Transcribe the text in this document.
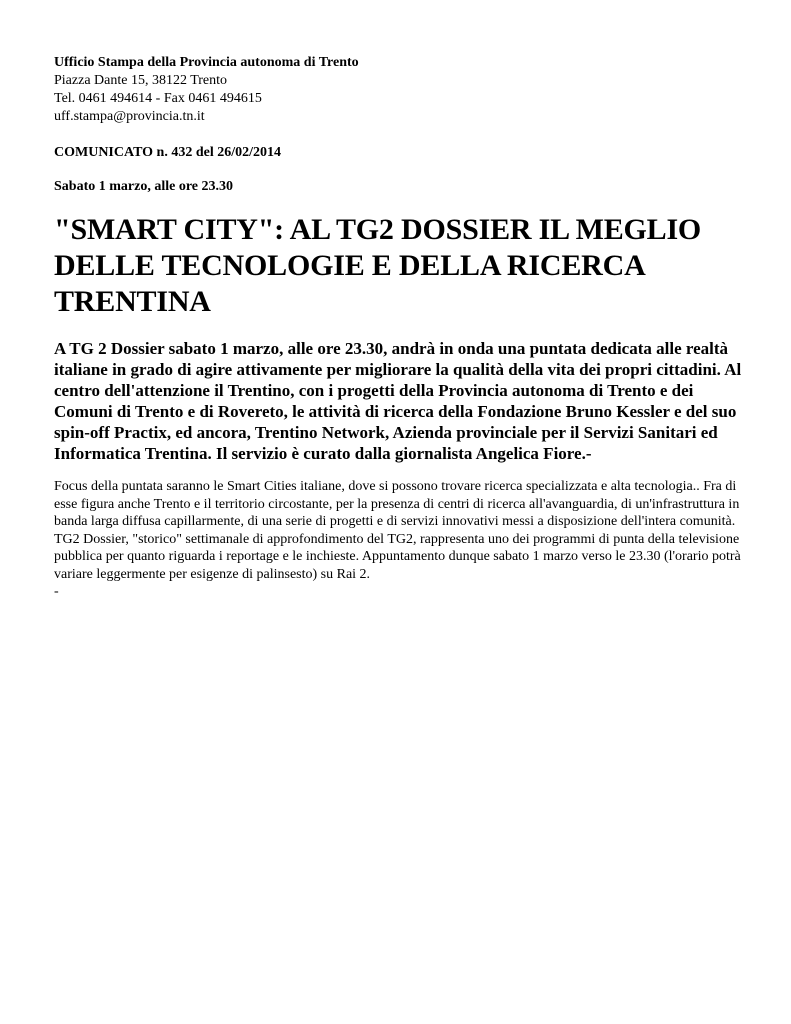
Ufficio Stampa della Provincia autonoma di Trento

Piazza Dante 15, 38122 Trento

Tel. 0461 494614 - Fax 0461 494615

uff.stampa@provincia.tn.it

COMUNICATO n. 432 del 26/02/2014

Sabato 1 marzo, alle ore 23.30

"SMART CITY": AL TG2 DOSSIER IL MEGLIO DELLE TECNOLOGIE E DELLA RICERCA TRENTINA

A TG 2 Dossier sabato 1 marzo, alle ore 23.30, andrà in onda una puntata dedicata alle realtà italiane in grado di agire attivamente per migliorare la qualità della vita dei propri cittadini. Al centro dell'attenzione il Trentino, con i progetti della Provincia autonoma di Trento e dei Comuni di Trento e di Rovereto, le attività di ricerca della Fondazione Bruno Kessler e del suo spin-off Practix, ed ancora, Trentino Network, Azienda provinciale per il Servizi Sanitari ed Informatica Trentina. Il servizio è curato dalla giornalista Angelica Fiore.-

Focus della puntata saranno le Smart Cities italiane, dove si possono trovare ricerca specializzata e alta tecnologia.. Fra di esse figura anche Trento e il territorio circostante, per la presenza di centri di ricerca all'avanguardia, di un'infrastruttura in banda larga diffusa capillarmente, di una serie di progetti e di servizi innovativi messi a disposizione dell'intera comunità.

TG2 Dossier, "storico" settimanale di approfondimento del TG2, rappresenta uno dei programmi di punta della televisione pubblica per quanto riguarda i reportage e le inchieste. Appuntamento dunque sabato 1 marzo verso le 23.30 (l'orario potrà variare leggermente per esigenze di palinsesto) su Rai 2.

-
